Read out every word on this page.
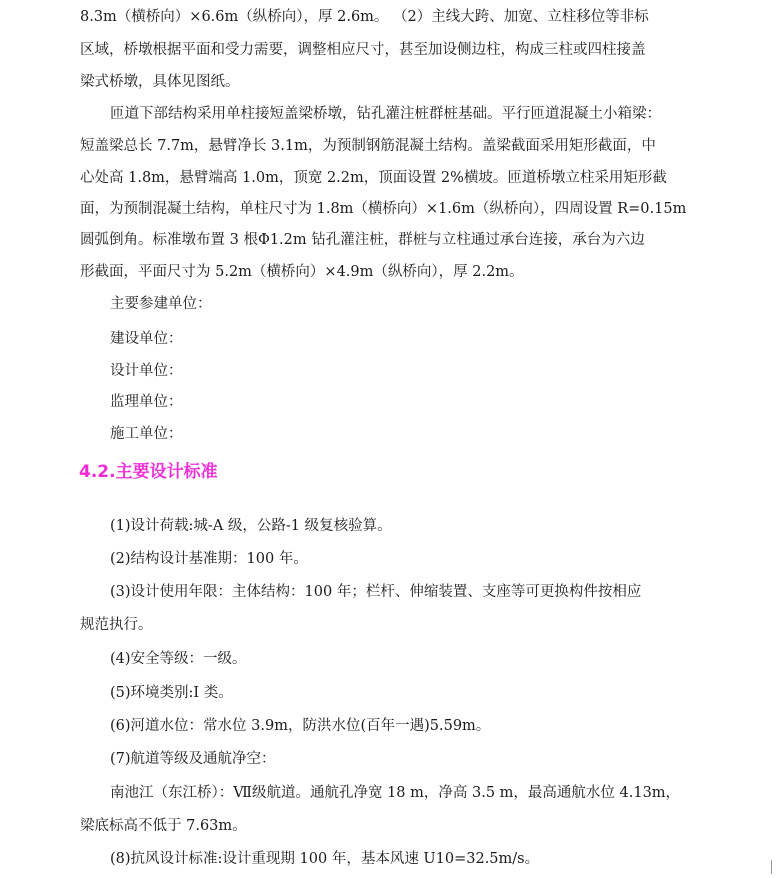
8.3m（横桥向）×6.6m（纵桥向），厚 2.6m。 （2）主线大跨、加宽、立柱移位等非标
区域，桥墩根据平面和受力需要，调整相应尺寸，甚至加设侧边柱，构成三柱或四柱接盖
梁式桥墩，具体见图纸。
匝道下部结构采用单柱接短盖梁桥墩，钻孔灌注桩群桩基础。平行匝道混凝土小箱梁：
短盖梁总长 7.7m，悬臂净长 3.1m，为预制钢筋混凝土结构。盖梁截面采用矩形截面，中
心处高 1.8m，悬臂端高 1.0m，顶宽 2.2m，顶面设置 2%横坡。匝道桥墩立柱采用矩形截
面，为预制混凝土结构，单柱尺寸为 1.8m（横桥向）×1.6m（纵桥向），四周设置 R=0.15m
圆弧倒角。标准墩布置 3 根Φ1.2m 钻孔灌注桩，群桩与立柱通过承台连接，承台为六边
形截面，平面尺寸为 5.2m（横桥向）×4.9m（纵桥向），厚 2.2m。
主要参建单位：
建设单位：
设计单位：
监理单位：
施工单位：
4.2.主要设计标准
(1)设计荷载:城-A 级，公路-1 级复核验算。
(2)结构设计基准期：100 年。
(3)设计使用年限：主体结构：100 年；栏杆、伸缩装置、支座等可更换构件按相应
规范执行。
(4)安全等级：一级。
(5)环境类别:I 类。
(6)河道水位：常水位 3.9m，防洪水位(百年一遇)5.59m。
(7)航道等级及通航净空：
南池江（东江桥）：Ⅶ级航道。通航孔净宽 18 m，净高 3.5 m，最高通航水位 4.13m，
梁底标高不低于 7.63m。
(8)抗风设计标准:设计重现期 100 年，基本风速 U10=32.5m/s。
